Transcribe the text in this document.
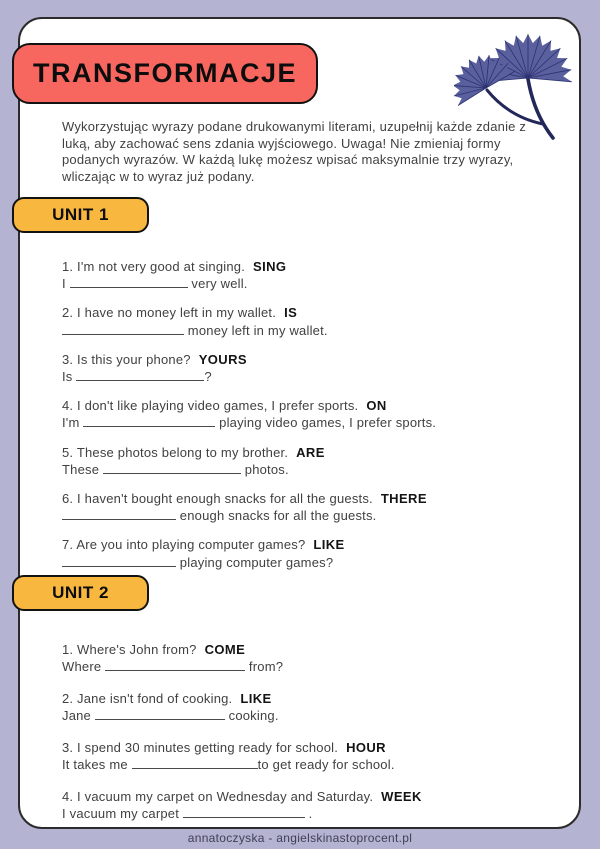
TRANSFORMACJE

Wykorzystując wyrazy podane drukowanymi literami, uzupełnij każde zdanie z luką, aby zachować sens zdania wyjściowego. Uwaga! Nie zmieniaj formy podanych wyrazów. W każdą lukę możesz wpisać maksymalnie trzy wyrazy, wliczając w to wyraz już podany.

UNIT 1
1. I'm not very good at singing. SING
I	very well.
2. I have no money left in my wallet. IS
money left in my wallet.
3. Is this your phone? YOURS
Is	?
4. I don't like playing video games, I prefer sports. ON
I'm	playing video games, I prefer sports.
5. These photos belong to my brother. ARE
These	photos.
6. I haven't bought enough snacks for all the guests. THERE
enough snacks for all the guests.
7. Are you into playing computer games? LIKE
playing computer games?
UNIT 2
1. Where's John from? COME
Where	from?
2. Jane isn't fond of cooking. LIKE
Jane	cooking.
3. I spend 30 minutes getting ready for school. HOUR
It takes me	to get ready for school.
4. I vacuum my carpet on Wednesday and Saturday. WEEK
I vacuum my carpet	.
annatoczyska - angielskinastoprocent.pl
